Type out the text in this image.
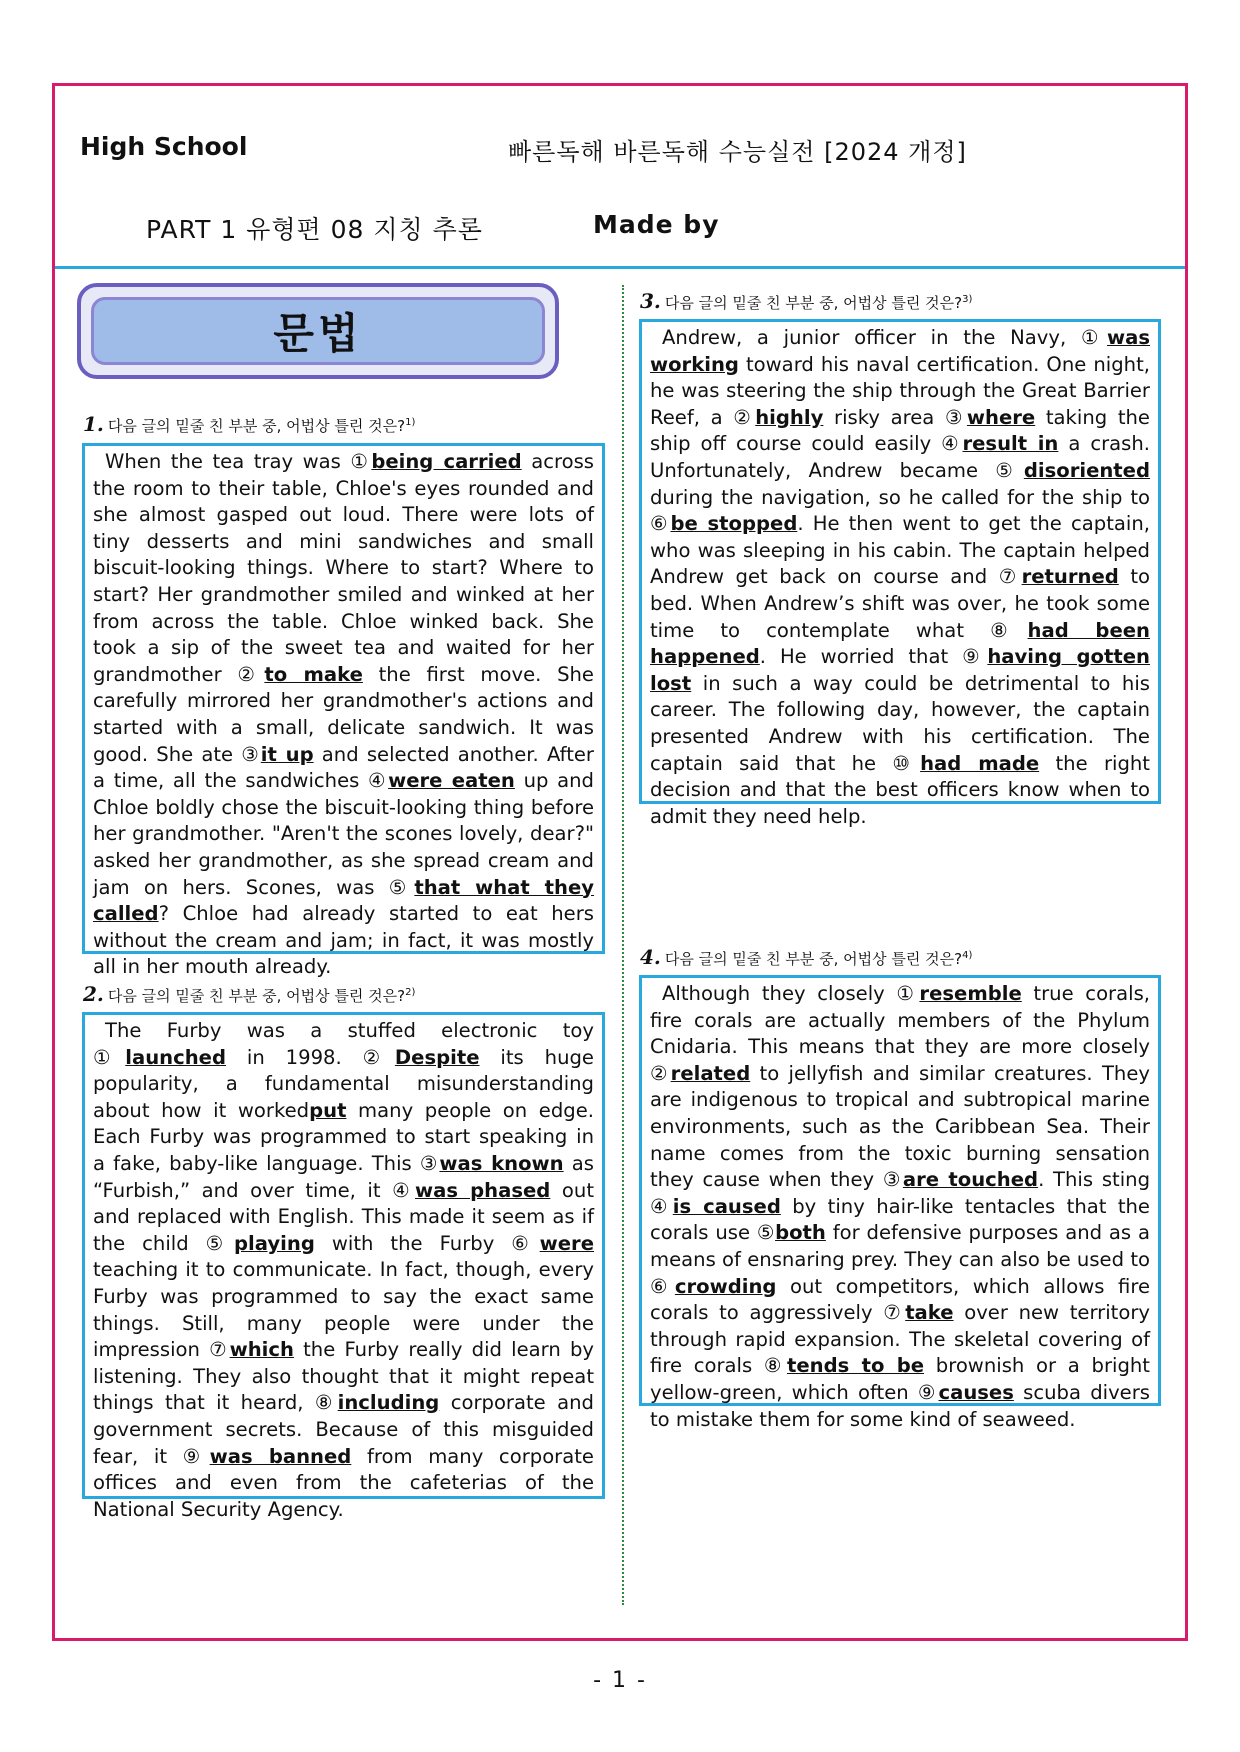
High School	빠른독해 바른독해 수능실전 [2024 개정]
PART 1 유형편 08 지칭 추론	Made by
문법
1. 다음 글의 밑줄 친 부분 중, 어법상 틀린 것은?$^{1)}$

When the tea tray was ①being carried across the room to their table, Chloe's eyes rounded and she almost gasped out loud. There were lots of tiny desserts and mini sandwiches and small biscuit-looking things. Where to start? Where to start? Her grandmother smiled and winked at her from across the table. Chloe winked back. She took a sip of the sweet tea and waited for her grandmother ②to make the first move. She carefully mirrored her grandmother's actions and started with a small, delicate sandwich. It was good. She ate ③it up and selected another. After a time, all the sandwiches ④were eaten up and Chloe boldly chose the biscuit-looking thing before her grandmother. "Aren't the scones lovely, dear?" asked her grandmother, as she spread cream and jam on hers. Scones, was ⑤that what they called? Chloe had already started to eat hers without the cream and jam; in fact, it was mostly all in her mouth already.

2. 다음 글의 밑줄 친 부분 중, 어법상 틀린 것은?$^{2)}$

The Furby was a stuffed electronic toy ①launched in 1998. ②Despite its huge popularity, a fundamental misunderstanding about how it workedput many people on edge. Each Furby was programmed to start speaking in a fake, baby-like language. This ③was known as “Furbish,” and over time, it ④was phased out and replaced with English. This made it seem as if the child ⑤playing with the Furby ⑥were teaching it to communicate. In fact, though, every Furby was programmed to say the exact same things. Still, many people were under the impression ⑦which the Furby really did learn by listening. They also thought that it might repeat things that it heard, ⑧including corporate and government secrets. Because of this misguided fear, it ⑨was banned from many corporate offices and even from the cafeterias of the National Security Agency.

3. 다음 글의 밑줄 친 부분 중, 어법상 틀린 것은?$^{3)}$

Andrew, a junior officer in the Navy, ①was working toward his naval certification. One night, he was steering the ship through the Great Barrier Reef, a ②highly risky area ③where taking the ship off course could easily ④result in a crash. Unfortunately, Andrew became ⑤disoriented during the navigation, so he called for the ship to ⑥be stopped. He then went to get the captain, who was sleeping in his cabin. The captain helped Andrew get back on course and ⑦returned to bed. When Andrew’s shift was over, he took some time to contemplate what ⑧had been happened. He worried that ⑨having gotten lost in such a way could be detrimental to his career. The following day, however, the captain presented Andrew with his certification. The captain said that he ⑩had made the right decision and that the best officers know when to admit they need help.

4. 다음 글의 밑줄 친 부분 중, 어법상 틀린 것은?$^{4)}$

Although they closely ①resemble true corals, fire corals are actually members of the Phylum Cnidaria. This means that they are more closely ②related to jellyfish and similar creatures. They are indigenous to tropical and subtropical marine environments, such as the Caribbean Sea. Their name comes from the toxic burning sensation they cause when they ③are touched. This sting ④is caused by tiny hair-like tentacles that the corals use ⑤both for defensive purposes and as a means of ensnaring prey. They can also be used to ⑥crowding out competitors, which allows fire corals to aggressively ⑦take over new territory through rapid expansion. The skeletal covering of fire corals ⑧tends to be brownish or a bright yellow-green, which often ⑨causes scuba divers to mistake them for some kind of seaweed.

- 1 -
